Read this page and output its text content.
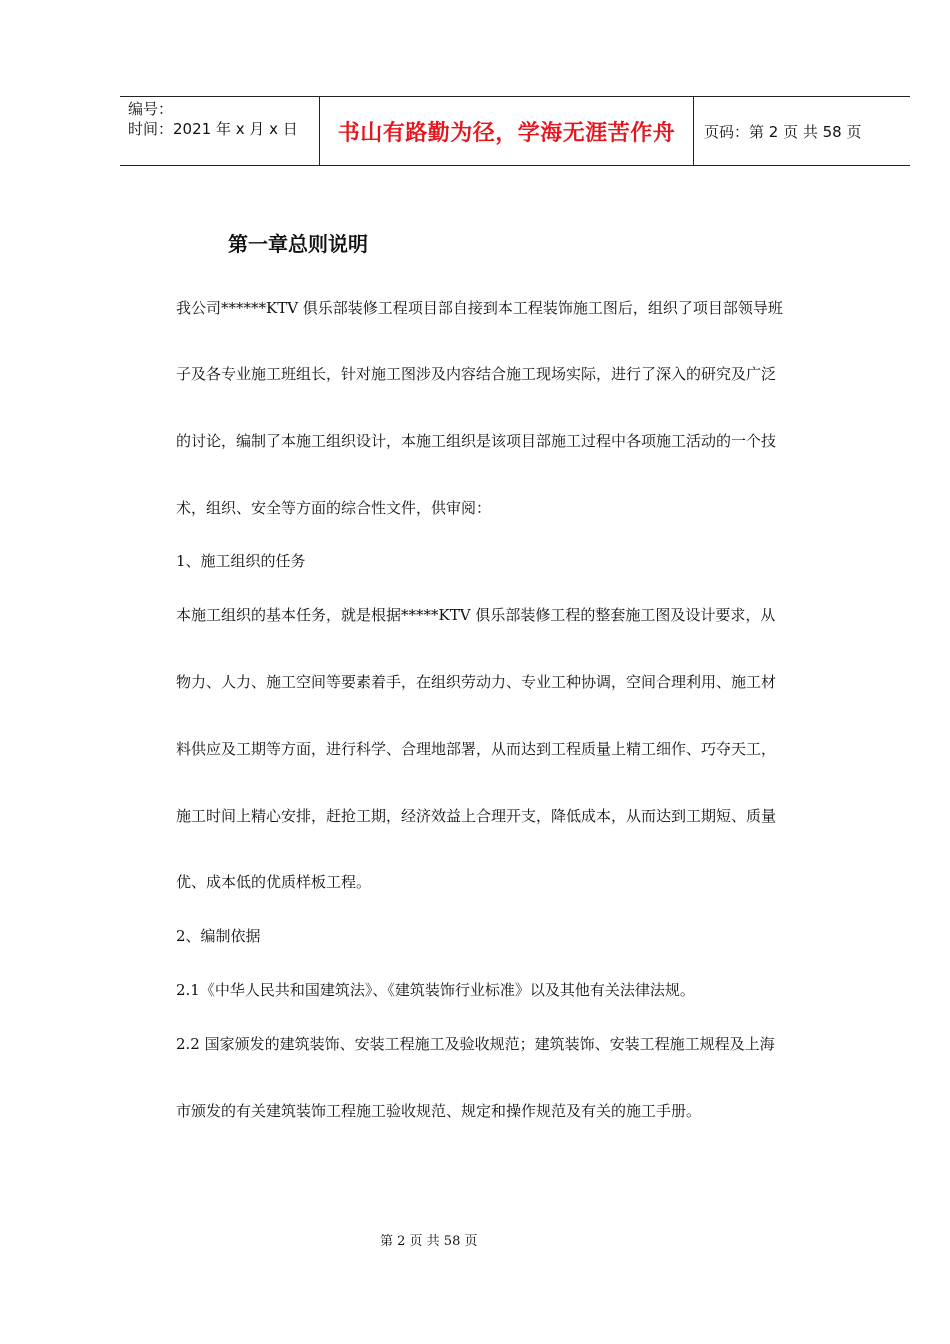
编号：
时间：2021 年 x 月 x 日	书山有路勤为径，学海无涯苦作舟	页码：第 2 页 共 58 页
第一章总则说明
我公司******KTV 俱乐部装修工程项目部自接到本工程装饰施工图后，组织了项目部领导班
子及各专业施工班组长，针对施工图涉及内容结合施工现场实际，进行了深入的研究及广泛
的讨论，编制了本施工组织设计，本施工组织是该项目部施工过程中各项施工活动的一个技
术，组织、安全等方面的综合性文件，供审阅：
1、施工组织的任务
本施工组织的基本任务，就是根据*****KTV 俱乐部装修工程的整套施工图及设计要求，从
物力、人力、施工空间等要素着手，在组织劳动力、专业工种协调，空间合理利用、施工材
料供应及工期等方面，进行科学、合理地部署，从而达到工程质量上精工细作、巧夺天工，
施工时间上精心安排，赶抢工期，经济效益上合理开支，降低成本，从而达到工期短、质量
优、成本低的优质样板工程。
2、编制依据
2.1《中华人民共和国建筑法》、《建筑装饰行业标准》以及其他有关法律法规。
2.2 国家颁发的建筑装饰、安装工程施工及验收规范；建筑装饰、安装工程施工规程及上海
市颁发的有关建筑装饰工程施工验收规范、规定和操作规范及有关的施工手册。
第 2 页 共 58 页
